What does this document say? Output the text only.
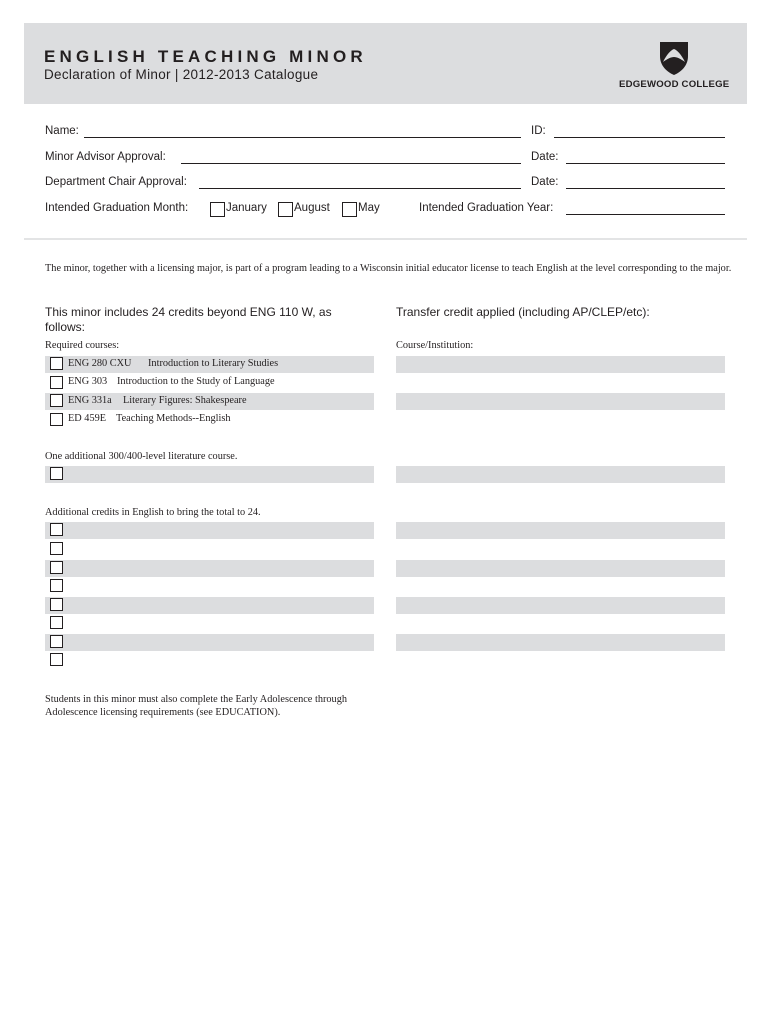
ENGLISH TEACHING MINOR
Declaration of Minor | 2012-2013 Catalogue
EDGEWOOD COLLEGE
Name:	ID:
Minor Advisor Approval:	Date:
Department Chair Approval:	Date:
Intended Graduation Month:	January August May	Intended Graduation Year:
The minor, together with a licensing major, is part of a program leading to a Wisconsin initial educator license to teach English at the level corresponding to the major.
This minor includes 24 credits beyond ENG 110 W, as follows:
Required courses:
ENG 280 CXU Introduction to Literary Studies
ENG 303 Introduction to the Study of Language
ENG 331a Literary Figures: Shakespeare
ED 459E Teaching Methods--English
One additional 300/400-level literature course.
Additional credits in English to bring the total to 24.
Students in this minor must also complete the Early Adolescence through Adolescence licensing requirements (see EDUCATION).
Transfer credit applied (including AP/CLEP/etc):
Course/Institution:
